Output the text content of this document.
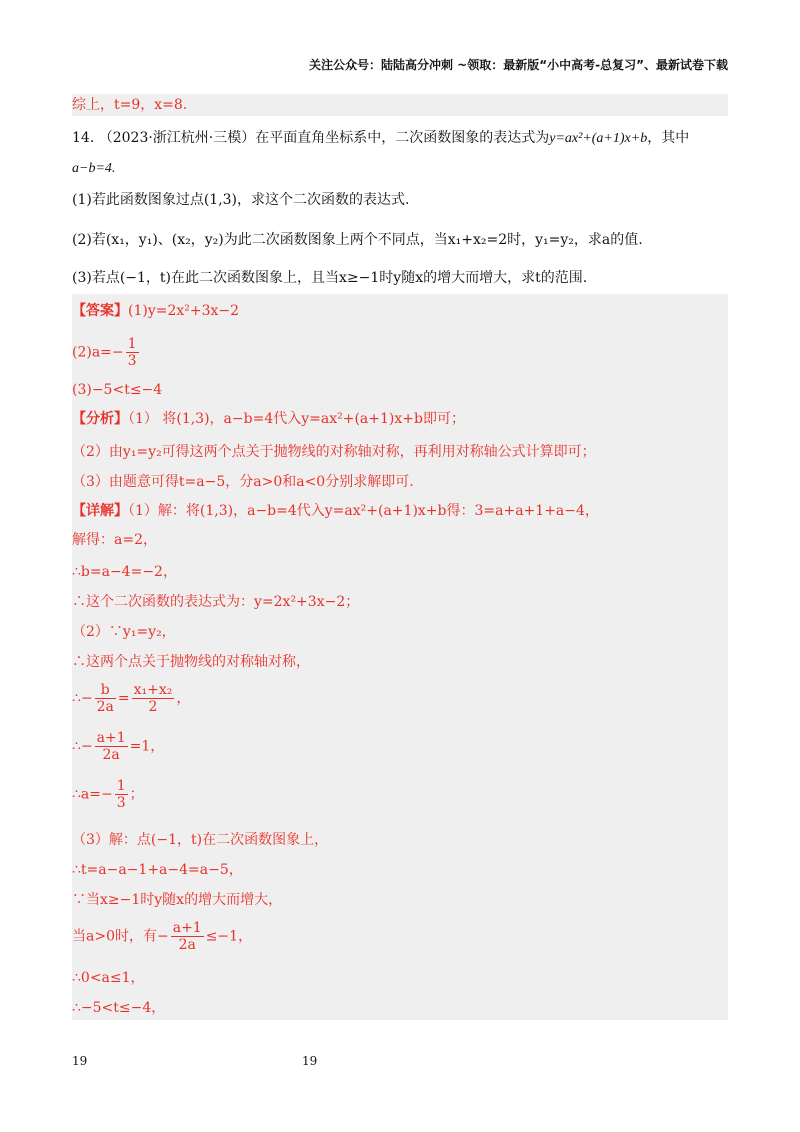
关注公众号：陆陆高分冲刺 ~领取：最新版“小中高考-总复习”、最新试卷下载
综上，t=9，x=8.
14. （2023·浙江杭州·三模）在平面直角坐标系中，二次函数图象的表达式为y=ax²+(a+1)x+b，其中
a−b=4.
(1)若此函数图象过点(1,3)，求这个二次函数的表达式.
(2)若(x₁，y₁)、(x₂，y₂)为此二次函数图象上两个不同点，当x₁+x₂=2时，y₁=y₂，求a的值.
(3)若点(−1，t)在此二次函数图象上，且当x≥−1时y随x的增大而增大，求t的范围.
【答案】(1)y=2x²+3x−2
$(2)a=- \frac{1}{3}$
(3)−5<t≤−4
【分析】（1） 将(1,3)，a−b=4代入y=ax²+(a+1)x+b即可；
（2）由y₁=y₂可得这两个点关于抛物线的对称轴对称，再利用对称轴公式计算即可；
（3）由题意可得t=a−5，分a>0和a<0分别求解即可.
【详解】（1）解：将(1,3)，a−b=4代入y=ax²+(a+1)x+b得：3=a+a+1+a−4，
解得：a=2，
∴b=a−4=−2，
∴这个二次函数的表达式为：y=2x²+3x−2；
（2）∵y₁=y₂，
∴这两个点关于抛物线的对称轴对称，
∴− $\frac{b}{2a} = \frac{\text{x₁+x₂}}{2}$ ，
∴− $\frac{a+1}{2a} =1$，
∴a=− $\frac{1}{3}$ ；
（3）解：点(−1，t)在二次函数图象上，
∴t=a−a−1+a−4=a−5，
∵当x≥−1时y随x的增大而增大，
当a>0时，有− $\frac{a+1}{2a} \le-1$，
∴0<a≤1，
∴−5<t≤−4，
19	19
